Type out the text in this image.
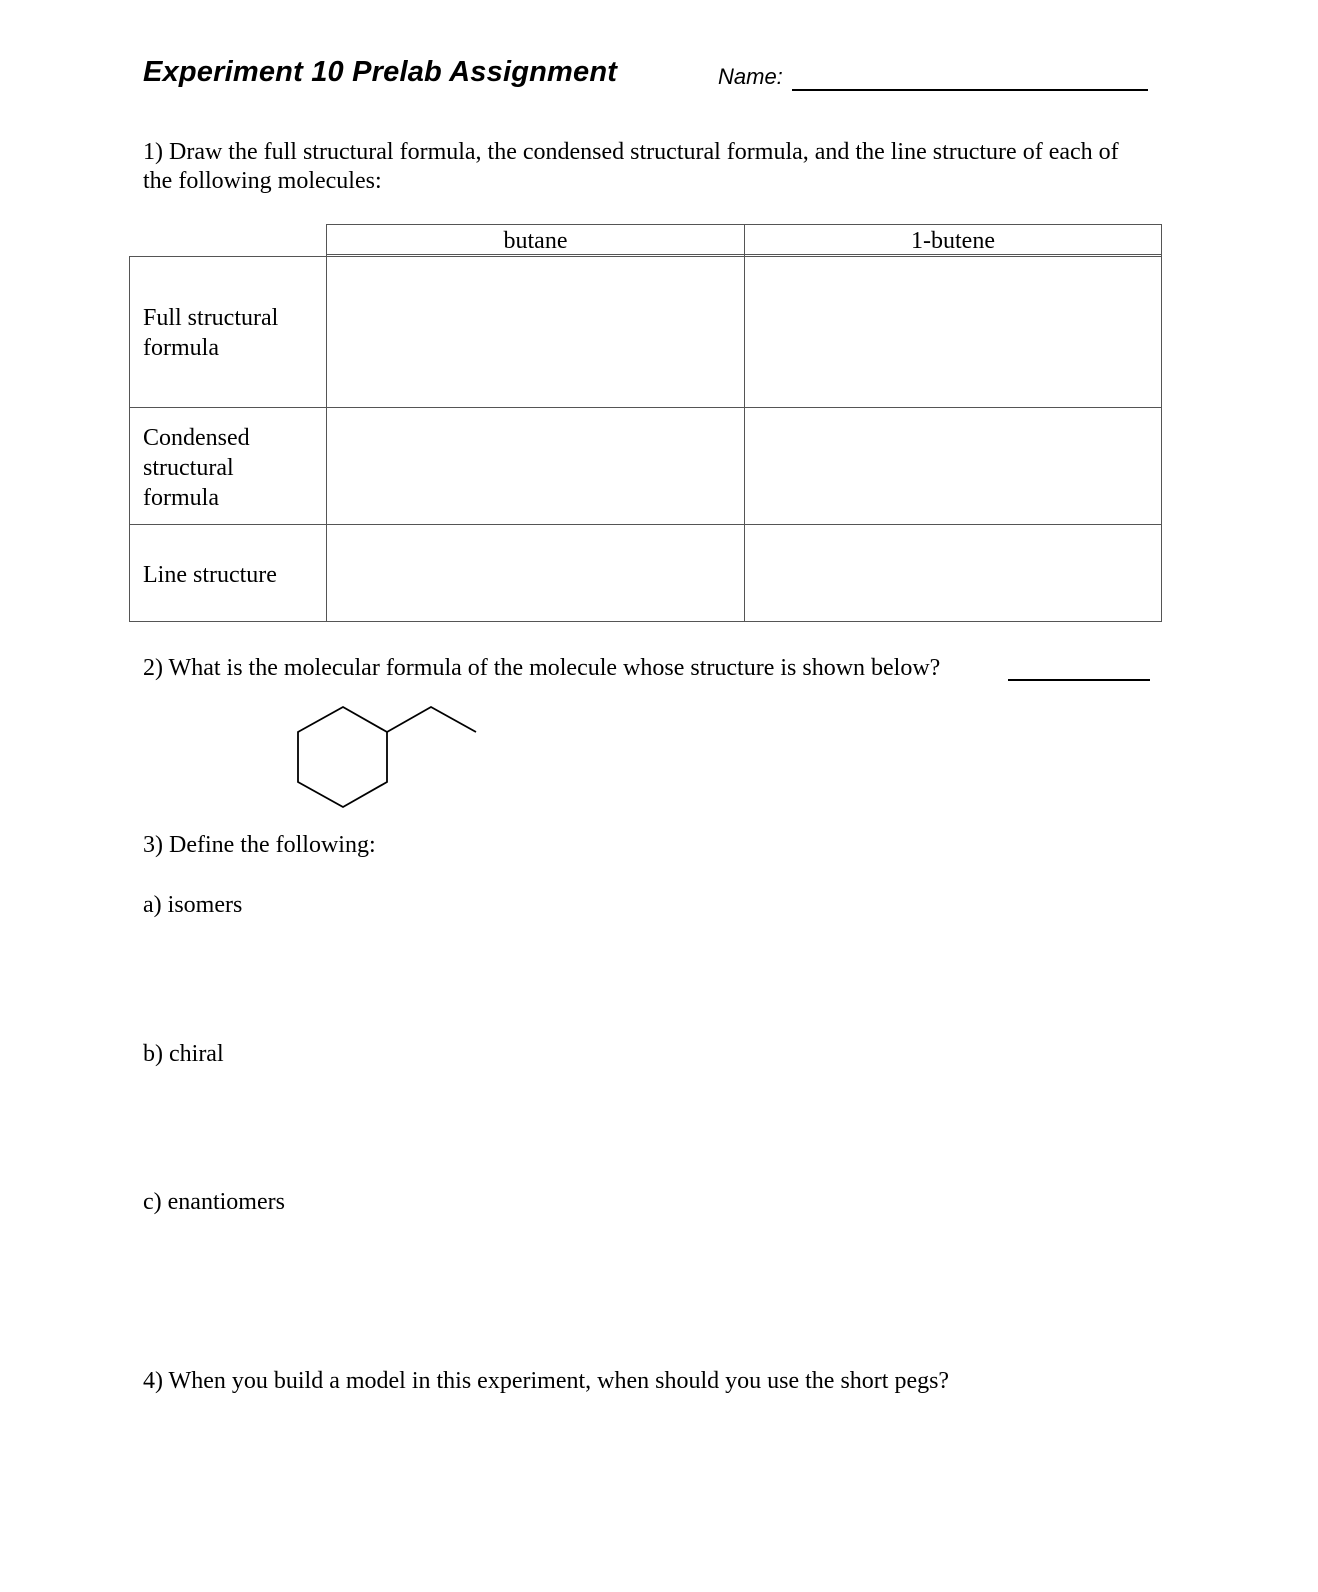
Experiment 10 Prelab Assignment	Name:
1) Draw the full structural formula, the condensed structural formula, and the line structure of each of the following molecules:
butane	1-butene
Full structural
formula
Condensed
structural
formula
Line structure
2) What is the molecular formula of the molecule whose structure is shown below?
3) Define the following:
a) isomers
b) chiral
c) enantiomers
4) When you build a model in this experiment, when should you use the short pegs?
